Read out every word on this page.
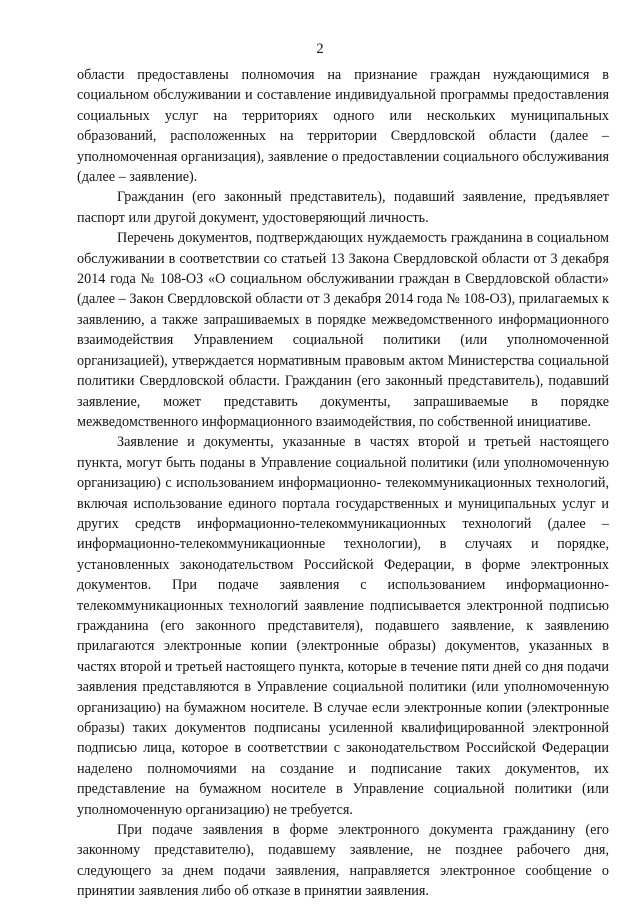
2

области предоставлены полномочия на признание граждан нуждающимися в социальном обслуживании и составление индивидуальной программы предоставления социальных услуг на территориях одного или нескольких муниципальных образований, расположенных на территории Свердловской области (далее – уполномоченная организация), заявление о предоставлении социального обслуживания (далее – заявление).

Гражданин (его законный представитель), подавший заявление, предъявляет паспорт или другой документ, удостоверяющий личность.

Перечень документов, подтверждающих нуждаемость гражданина в социальном обслуживании в соответствии со статьей 13 Закона Свердловской области от 3 декабря 2014 года № 108-ОЗ «О социальном обслуживании граждан в Свердловской области» (далее – Закон Свердловской области от 3 декабря 2014 года № 108-ОЗ), прилагаемых к заявлению, а также запрашиваемых в порядке межведомственного информационного взаимодействия Управлением социальной политики (или уполномоченной организацией), утверждается нормативным правовым актом Министерства социальной политики Свердловской области. Гражданин (его законный представитель), подавший заявление, может представить документы, запрашиваемые в порядке межведомственного информационного взаимодействия, по собственной инициативе.

Заявление и документы, указанные в частях второй и третьей настоящего пункта, могут быть поданы в Управление социальной политики (или уполномоченную организацию) с использованием информационно- телекоммуникационных технологий, включая использование единого портала государственных и муниципальных услуг и других средств информационно-телекоммуникационных технологий (далее – информационно-телекоммуникационные технологии), в случаях и порядке, установленных законодательством Российской Федерации, в форме электронных документов. При подаче заявления с использованием информационно-телекоммуникационных технологий заявление подписывается электронной подписью гражданина (его законного представителя), подавшего заявление, к заявлению прилагаются электронные копии (электронные образы) документов, указанных в частях второй и третьей настоящего пункта, которые в течение пяти дней со дня подачи заявления представляются в Управление социальной политики (или уполномоченную организацию) на бумажном носителе. В случае если электронные копии (электронные образы) таких документов подписаны усиленной квалифицированной электронной подписью лица, которое в соответствии с законодательством Российской Федерации наделено полномочиями на создание и подписание таких документов, их представление на бумажном носителе в Управление социальной политики (или уполномоченную организацию) не требуется.

При подаче заявления в форме электронного документа гражданину (его законному представителю), подавшему заявление, не позднее рабочего дня, следующего за днем подачи заявления, направляется электронное сообщение о принятии заявления либо об отказе в принятии заявления.
